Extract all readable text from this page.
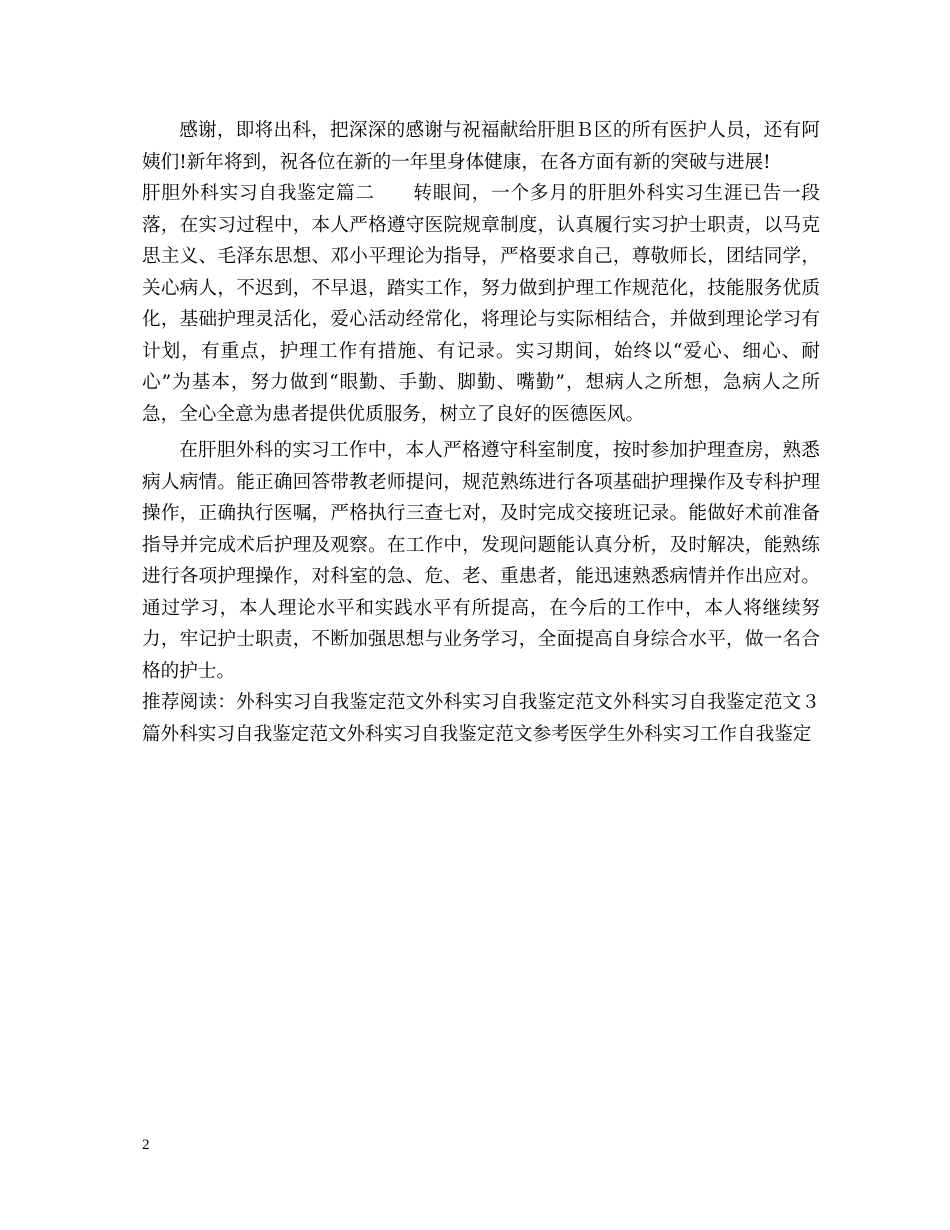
感谢，即将出科，把深深的感谢与祝福献给肝胆Ｂ区的所有医护人员，还有阿姨们!新年将到，祝各位在新的一年里身体健康，在各方面有新的突破与进展!

肝胆外科实习自我鉴定篇二　　转眼间，一个多月的肝胆外科实习生涯已告一段落，在实习过程中，本人严格遵守医院规章制度，认真履行实习护士职责，以马克思主义、毛泽东思想、邓小平理论为指导，严格要求自己，尊敬师长，团结同学，关心病人，不迟到，不早退，踏实工作，努力做到护理工作规范化，技能服务优质化，基础护理灵活化，爱心活动经常化，将理论与实际相结合，并做到理论学习有计划，有重点，护理工作有措施、有记录。实习期间，始终以“爱心、细心、耐心”为基本，努力做到“眼勤、手勤、脚勤、嘴勤”，想病人之所想，急病人之所急，全心全意为患者提供优质服务，树立了良好的医德医风。

在肝胆外科的实习工作中，本人严格遵守科室制度，按时参加护理查房，熟悉病人病情。能正确回答带教老师提问，规范熟练进行各项基础护理操作及专科护理操作，正确执行医嘱，严格执行三查七对，及时完成交接班记录。能做好术前准备指导并完成术后护理及观察。在工作中，发现问题能认真分析，及时解决，能熟练进行各项护理操作，对科室的急、危、老、重患者，能迅速熟悉病情并作出应对。通过学习，本人理论水平和实践水平有所提高，在今后的工作中，本人将继续努力，牢记护士职责，不断加强思想与业务学习，全面提高自身综合水平，做一名合格的护士。

推荐阅读：外科实习自我鉴定范文外科实习自我鉴定范文外科实习自我鉴定范文３篇外科实习自我鉴定范文外科实习自我鉴定范文参考医学生外科实习工作自我鉴定

2
